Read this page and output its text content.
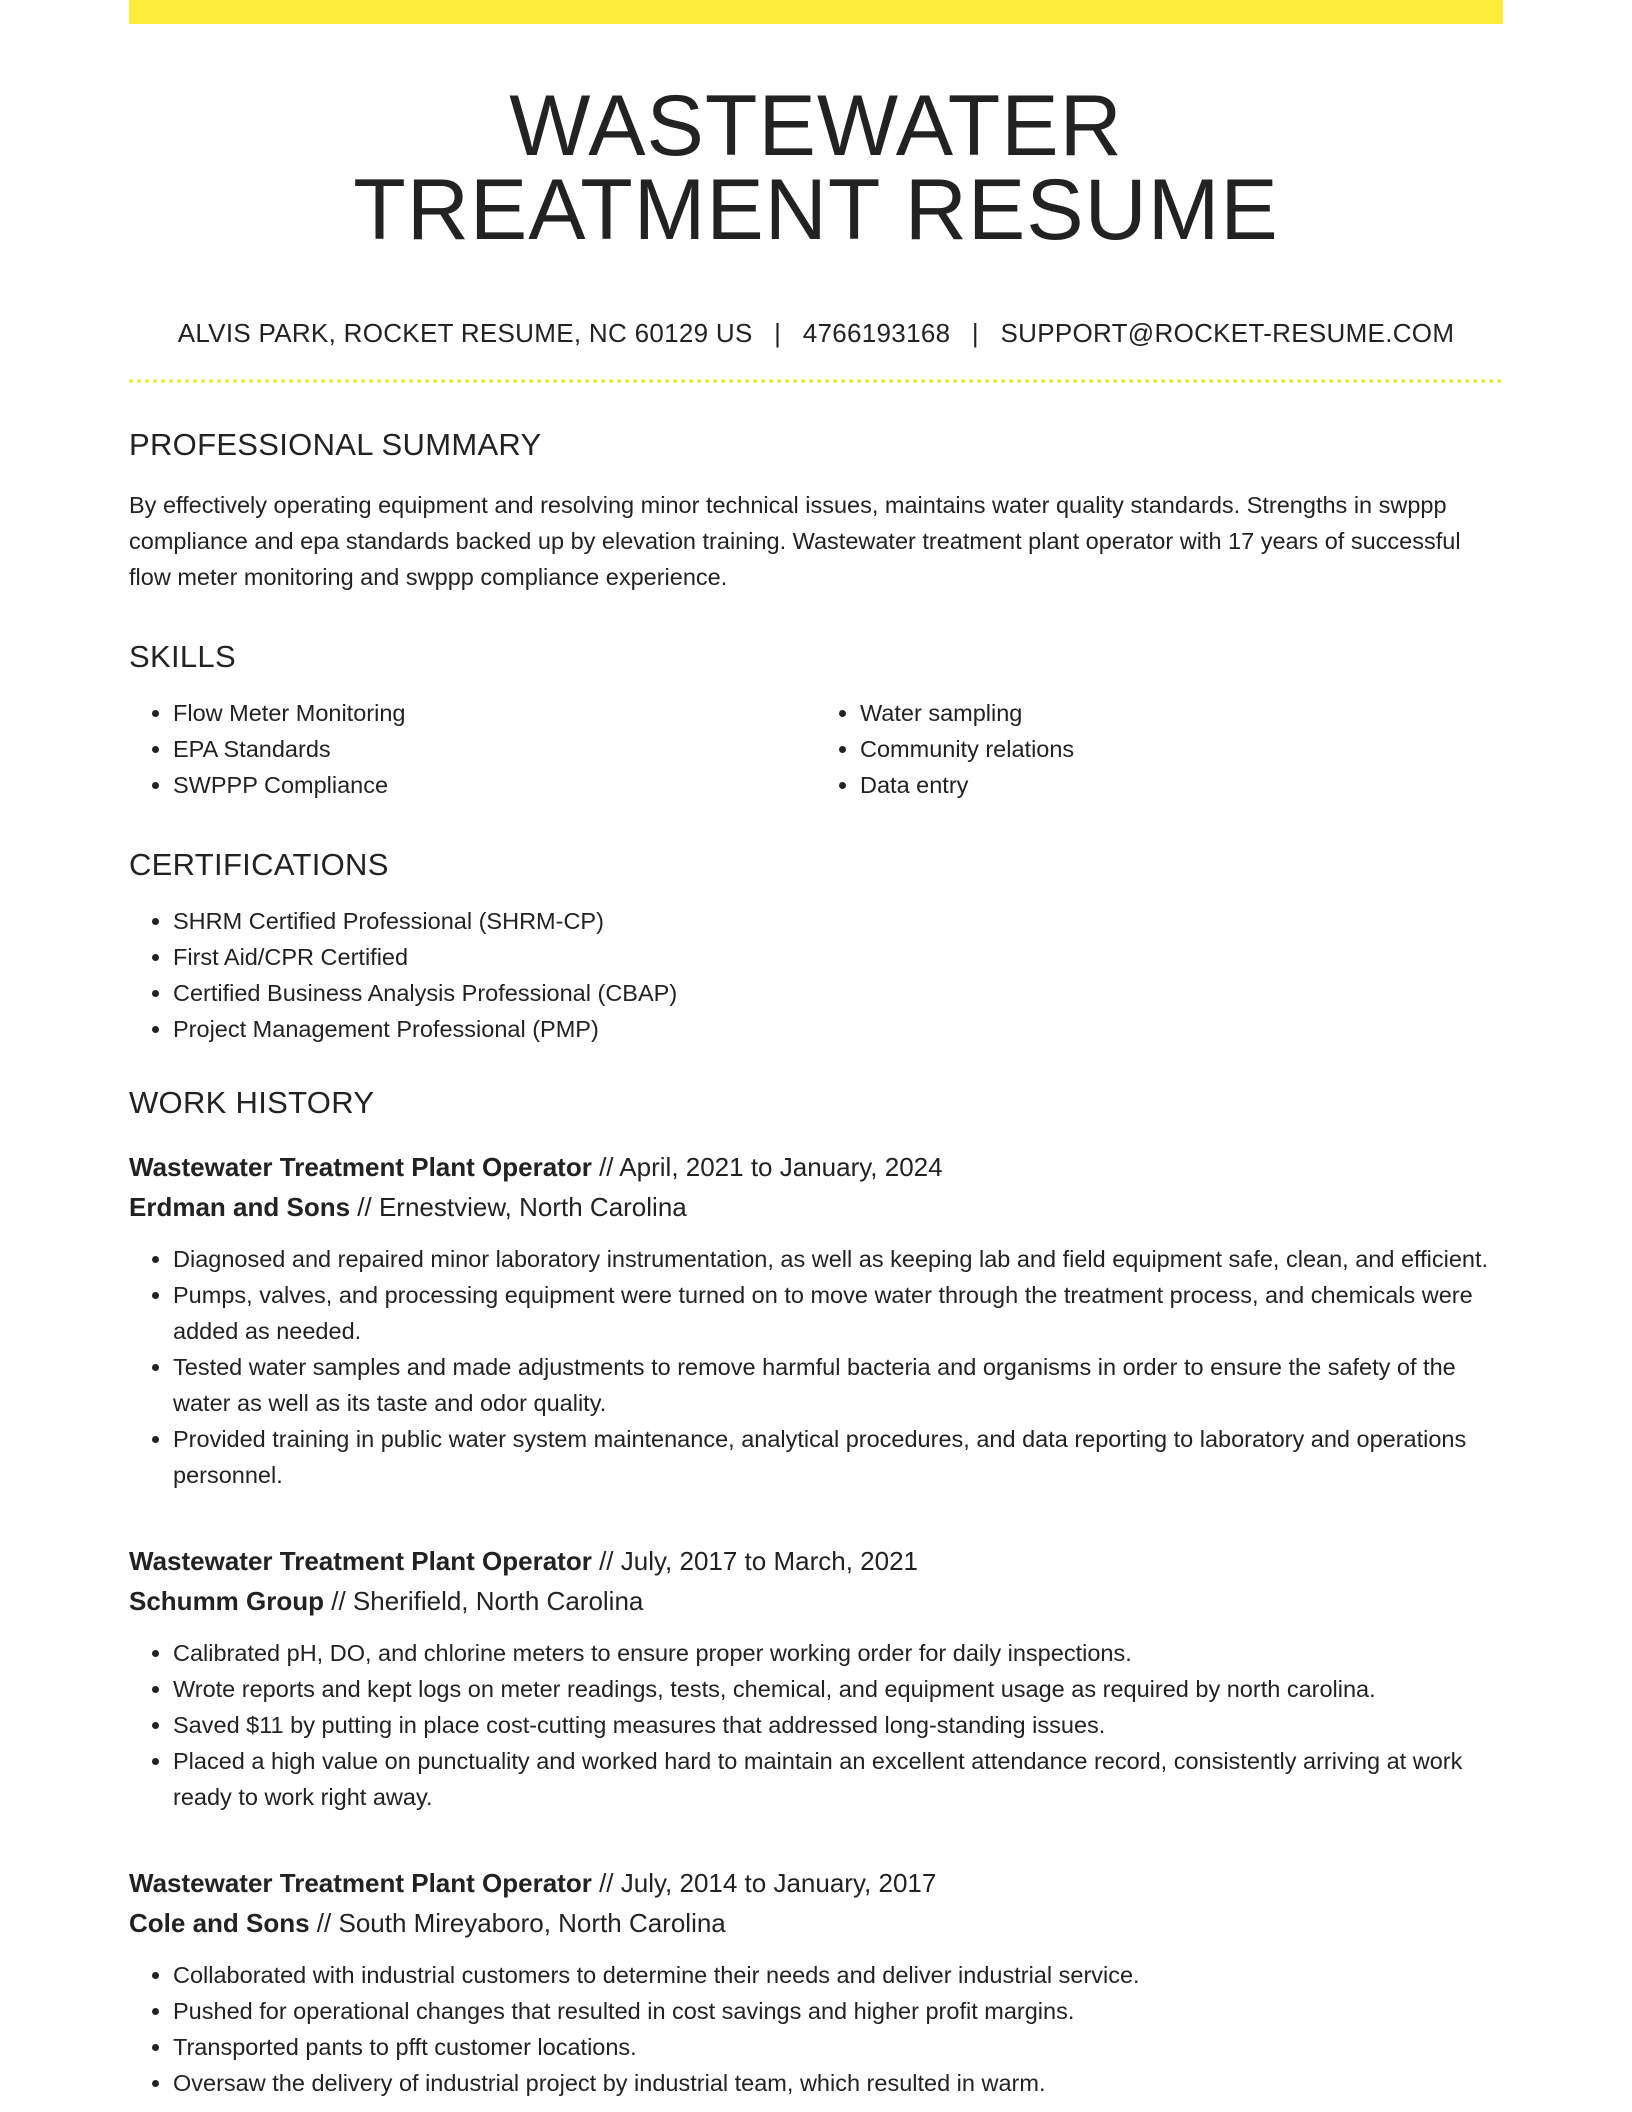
WASTEWATER
TREATMENT RESUME
ALVIS PARK, ROCKET RESUME, NC 60129 US | 4766193168 | SUPPORT@ROCKET-RESUME.COM
PROFESSIONAL SUMMARY

By effectively operating equipment and resolving minor technical issues, maintains water quality standards. Strengths in swppp compliance and epa standards backed up by elevation training. Wastewater treatment plant operator with 17 years of successful flow meter monitoring and swppp compliance experience.

SKILLS
• Flow Meter Monitoring
• EPA Standards
• SWPPP Compliance
• Water sampling
• Community relations
• Data entry
CERTIFICATIONS
• SHRM Certified Professional (SHRM-CP)
• First Aid/CPR Certified
• Certified Business Analysis Professional (CBAP)
• Project Management Professional (PMP)
WORK HISTORY
Wastewater Treatment Plant Operator // April, 2021 to January, 2024
Erdman and Sons // Ernestview, North Carolina
• Diagnosed and repaired minor laboratory instrumentation, as well as keeping lab and field equipment safe, clean, and efficient.
• Pumps, valves, and processing equipment were turned on to move water through the treatment process, and chemicals were added as needed.
• Tested water samples and made adjustments to remove harmful bacteria and organisms in order to ensure the safety of the water as well as its taste and odor quality.
• Provided training in public water system maintenance, analytical procedures, and data reporting to laboratory and operations personnel.
Wastewater Treatment Plant Operator // July, 2017 to March, 2021
Schumm Group // Sherifield, North Carolina
• Calibrated pH, DO, and chlorine meters to ensure proper working order for daily inspections.
• Wrote reports and kept logs on meter readings, tests, chemical, and equipment usage as required by north carolina.
• Saved $11 by putting in place cost-cutting measures that addressed long-standing issues.
• Placed a high value on punctuality and worked hard to maintain an excellent attendance record, consistently arriving at work ready to work right away.
Wastewater Treatment Plant Operator // July, 2014 to January, 2017
Cole and Sons // South Mireyaboro, North Carolina
• Collaborated with industrial customers to determine their needs and deliver industrial service.
• Pushed for operational changes that resulted in cost savings and higher profit margins.
• Transported pants to pfft customer locations.
• Oversaw the delivery of industrial project by industrial team, which resulted in warm.
